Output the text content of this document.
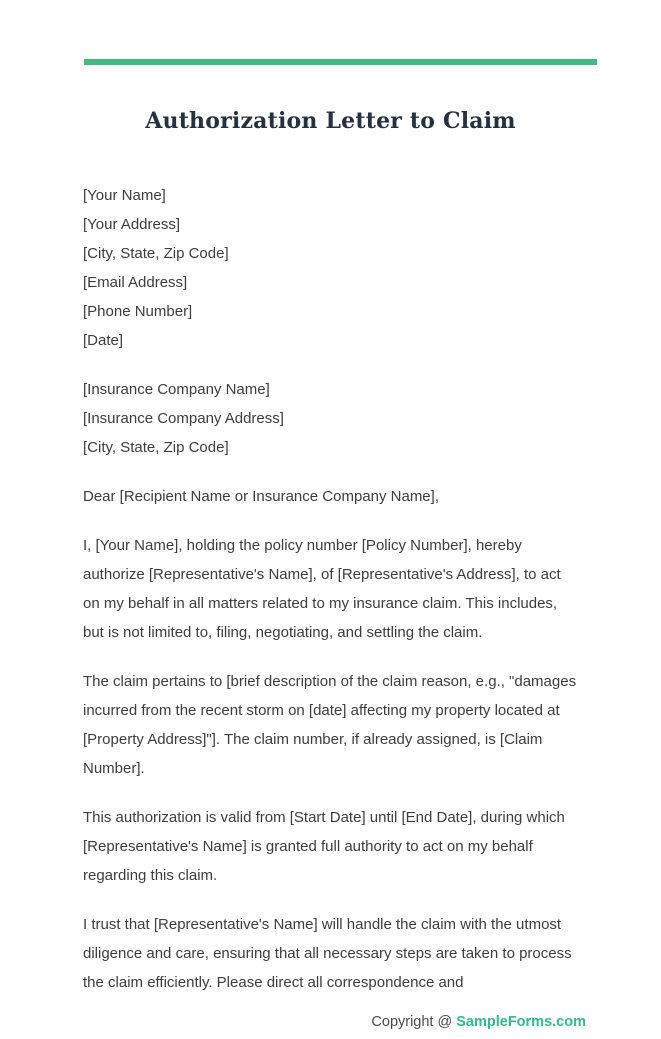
Authorization Letter to Claim

[Your Name]

[Your Address]

[City, State, Zip Code]

[Email Address]

[Phone Number]

[Date]

[Insurance Company Name]

[Insurance Company Address]

[City, State, Zip Code]

Dear [Recipient Name or Insurance Company Name],

I, [Your Name], holding the policy number [Policy Number], hereby authorize [Representative's Name], of [Representative's Address], to act on my behalf in all matters related to my insurance claim. This includes, but is not limited to, filing, negotiating, and settling the claim.

The claim pertains to [brief description of the claim reason, e.g., "damages incurred from the recent storm on [date] affecting my property located at [Property Address]"]. The claim number, if already assigned, is [Claim Number].

This authorization is valid from [Start Date] until [End Date], during which [Representative's Name] is granted full authority to act on my behalf regarding this claim.

I trust that [Representative's Name] will handle the claim with the utmost diligence and care, ensuring that all necessary steps are taken to process the claim efficiently. Please direct all correspondence and

Copyright @ SampleForms.com
